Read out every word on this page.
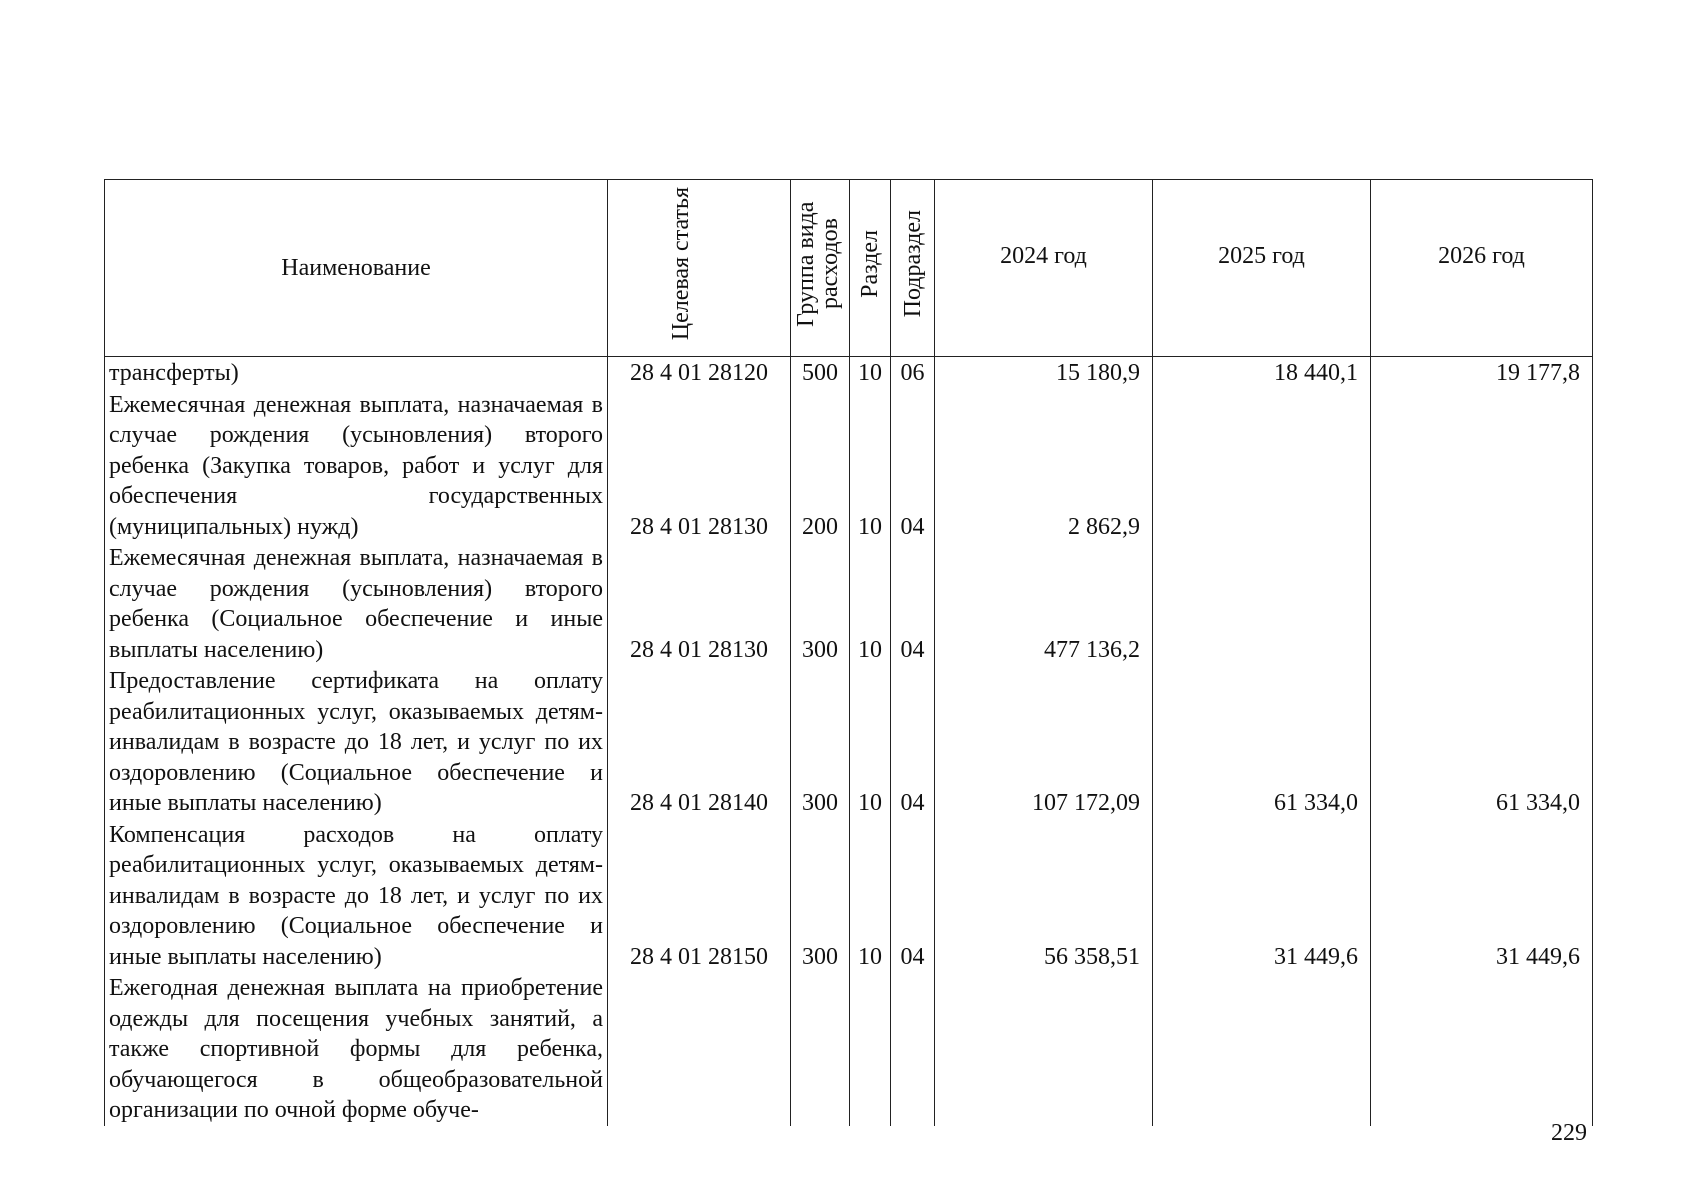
Наименование	Целевая статья	Группа вида расходов	Раздел	Подраздел	2024 год	2025 год	2026 год
трансферты)	28 4 01 28120	500	10	06	15 180,9	18 440,1	19 177,8
Ежемесячная денежная выплата, назначаемая в случае рождения (усыновления) второго ребенка (Закупка товаров, работ и услуг для обеспечения государственных (муниципальных) нужд)	28 4 01 28130	200	10	04	2 862,9		
Ежемесячная денежная выплата, назначаемая в случае рождения (усыновления) второго ребенка (Социальное обеспечение и иные выплаты населению)	28 4 01 28130	300	10	04	477 136,2		
Предоставление сертификата на оплату реабилитационных услуг, оказываемых детям-инвалидам в возрасте до 18 лет, и услуг по их оздоровлению (Социальное обеспечение и иные выплаты населению)	28 4 01 28140	300	10	04	107 172,09	61 334,0	61 334,0
Компенсация расходов на оплату реабилитационных услуг, оказываемых детям-инвалидам в возрасте до 18 лет, и услуг по их оздоровлению (Социальное обеспечение и иные выплаты населению)	28 4 01 28150	300	10	04	56 358,51	31 449,6	31 449,6
Ежегодная денежная выплата на приобретение одежды для посещения учебных занятий, а также спортивной формы для ребенка, обучающегося в общеобразовательной организации по очной форме обуче-							
229
